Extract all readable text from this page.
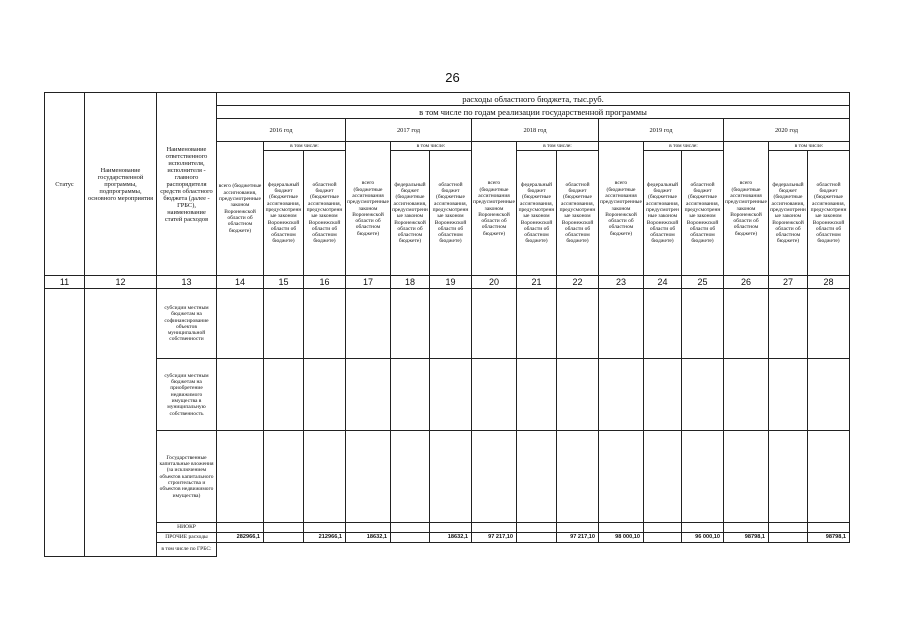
26
Статус	Наименование государственной программы, подпрограммы, основного мероприятия	Наименование ответственного исполнителя, исполнителя - главного распорядителя средств областного бюджета (далее - ГРБС), наименование статей расходов	расходы областного бюджета, тыс.руб.														
			в том числе по годам реализации государственной программы														
			2016 год			2017 год			2018 год			2019 год			2020 год		
			всего (бюджетные ассигнования, предусмотренные законом Воронежской области об областном бюджете)	в том числе:		всего (бюджетные ассигнования предусмотренные законом Воронежской области об областном бюджете)	в том числе:		всего (бюджетные ассигнования предусмотренные законом Воронежской области об областном бюджете)	в том числе:		всего (бюджетные ассигнования предусмотренные законом Воронежской области об областном бюджете)	в том числе:		всего (бюджетные ассигнования предусмотренные законом Воронежской области об областном бюджете)	в том числе:	
				федеральный бюджет (бюджетные ассигнования, предусмотренные законом Воронежской области об областном бюджете)	областной бюджет (бюджетные ассигнования, предусмотренные законом Воронежской области об областном бюджете)		федеральный бюджет (бюджетные ассигнования, предусмотренные законом Воронежской области об областном бюджете)	областной бюджет (бюджетные ассигнования, предусмотренные законом Воронежской области об областном бюджете)		федеральный бюджет (бюджетные ассигнования, предусмотренные законом Воронежской области об областном бюджете)	областной бюджет (бюджетные ассигнования, предусмотренные законом Воронежской области об областном бюджете)		федеральный бюджет (бюджетные ассигнования, предусмотренные законом Воронежской области об областном бюджете)	областной бюджет (бюджетные ассигнования, предусмотренные законом Воронежской области об областном бюджете)		федеральный бюджет (бюджетные ассигнования, предусмотренные законом Воронежской области об областном бюджете)	областной бюджет (бюджетные ассигнования, предусмотренные законом Воронежской области об областном бюджете)
11	12	13	14	15	16	17	18	19	20	21	22	23	24	25	26	27	28
		субсидии местным бюджетам на софинансирование объектов муниципальной собственности															
		субсидии местным бюджетам на приобретение недвижимого имущества в муниципальную собственность															
		Государственные капитальные вложения (за исключением объектов капитального строительства и объектов недвижимого имущества)															
		НИОКР															
		ПРОЧИЕ расходы	282966,1		212966,1	18632,1		18632,1	97 217,10		97 217,10	98 000,10		96 000,10	98798,1		98798,1
		в том числе по ГРБС:															
